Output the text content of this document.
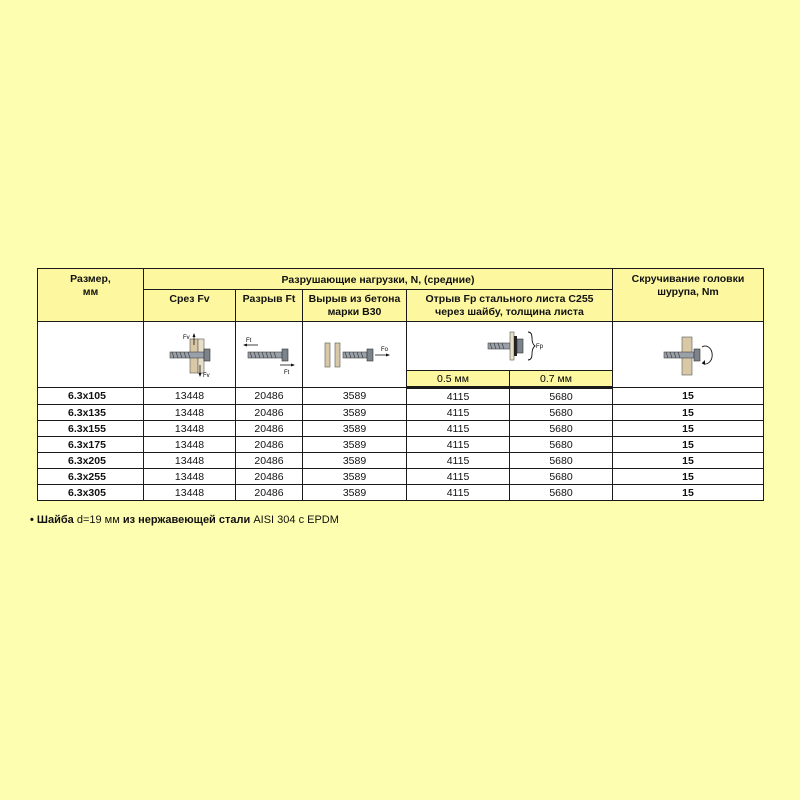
Размер,
мм	Разрушающие нагрузки, N, (средние)					Скручивание головки шурупа, Nm
	Срез Fv	Разрыв Ft	Вырыв из бетона марки В30	Отрыв Fp стального листа С255 через шайбу, толщина листа		

Fv
Fv	Ft
Ft	Fo	Fp

				0.5 мм	0.7 мм	
6.3x105	13448	20486	3589	4115	5680	15
6.3x135	13448	20486	3589	4115	5680	15
6.3x155	13448	20486	3589	4115	5680	15
6.3x175	13448	20486	3589	4115	5680	15
6.3x205	13448	20486	3589	4115	5680	15
6.3x255	13448	20486	3589	4115	5680	15
6.3x305	13448	20486	3589	4115	5680	15
• Шайба d=19 мм из нержавеющей стали AISI 304 с EPDM
